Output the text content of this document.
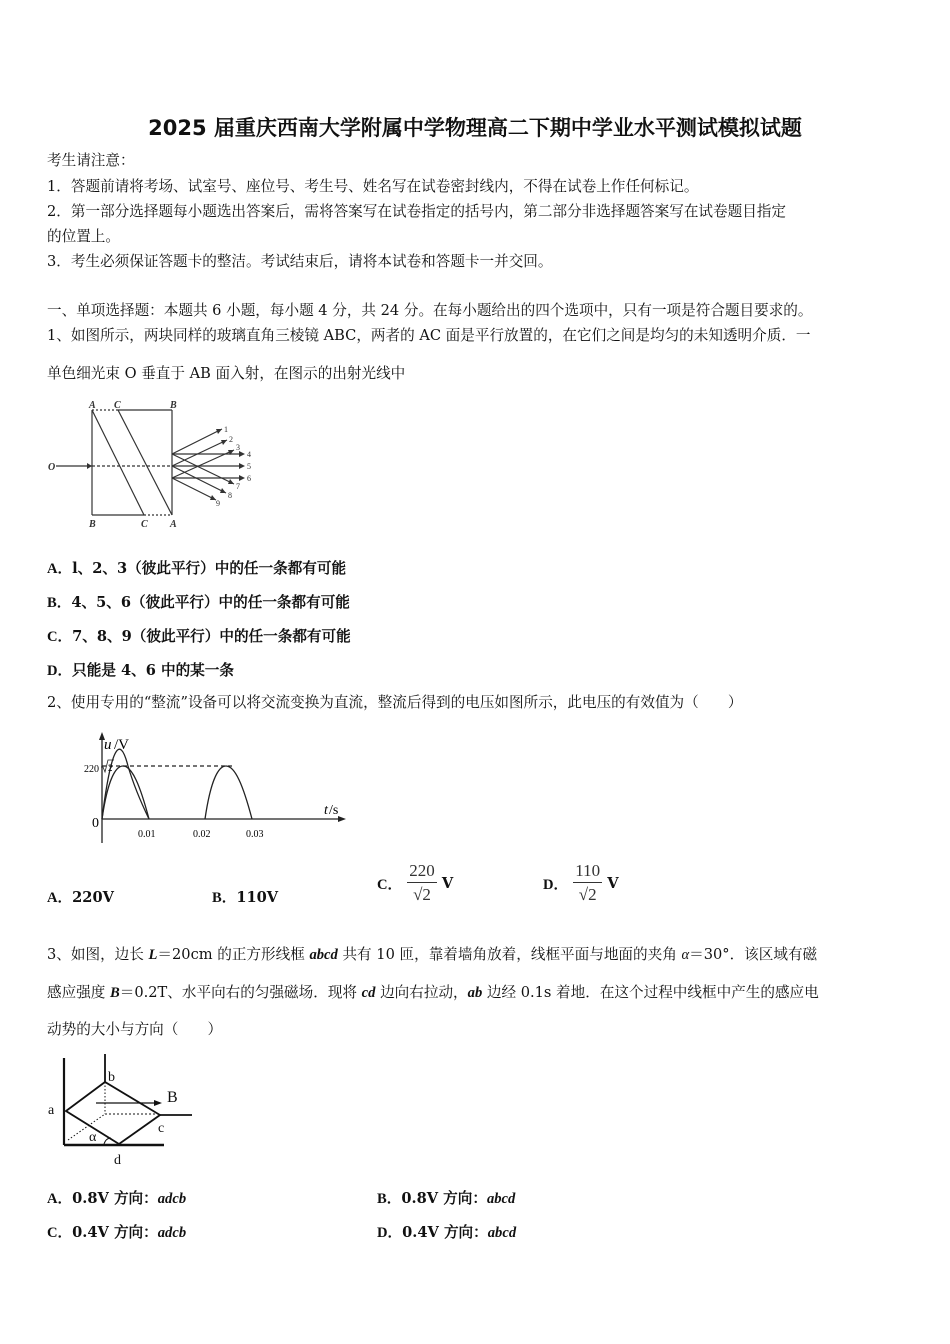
2025 届重庆西南大学附属中学物理高二下期中学业水平测试模拟试题
考生请注意：
1．答题前请将考场、试室号、座位号、考生号、姓名写在试卷密封线内，不得在试卷上作任何标记。
2．第一部分选择题每小题选出答案后，需将答案写在试卷指定的括号内，第二部分非选择题答案写在试卷题目指定
的位置上。
3．考生必须保证答题卡的整洁。考试结束后，请将本试卷和答题卡一并交回。
一、单项选择题：本题共 6 小题，每小题 4 分，共 24 分。在每小题给出的四个选项中，只有一项是符合题目要求的。
1、如图所示，两块同样的玻璃直角三棱镜 ABC，两者的 AC 面是平行放置的，在它们之间是均匀的未知透明介质．一
单色细光束 O 垂直于 AB 面入射，在图示的出射光线中
A C	B
B	C A
O
1
2
3
4
5
6
7
8
9
A．l、2、3（彼此平行）中的任一条都有可能
B．4、5、6（彼此平行）中的任一条都有可能
C．7、8、9（彼此平行）中的任一条都有可能
D．只能是 4、6 中的某一条
2、使用专用的“整流”设备可以将交流变换为直流，整流后得到的电压如图所示，此电压的有效值为（　　）
u /V
t /s
0
220 2
0.01	0.02	0.03
A．220V	B．110V
C． $\frac{220}{√2}$ V	D． $\frac{110}{√2}$ V
3、如图，边长 L＝20cm 的正方形线框 abcd 共有 10 匝，靠着墙角放着，线框平面与地面的夹角 α＝30°．该区域有磁
感应强度 B＝0.2T、水平向右的匀强磁场．现将 cd 边向右拉动，ab 边经 0.1s 着地．在这个过程中线框中产生的感应电
动势的大小与方向（　　）
a
b
c
d
B
α
A．0.8V 方向：adcb	B．0.8V 方向：abcd
C．0.4V 方向：adcb	D．0.4V 方向：abcd
